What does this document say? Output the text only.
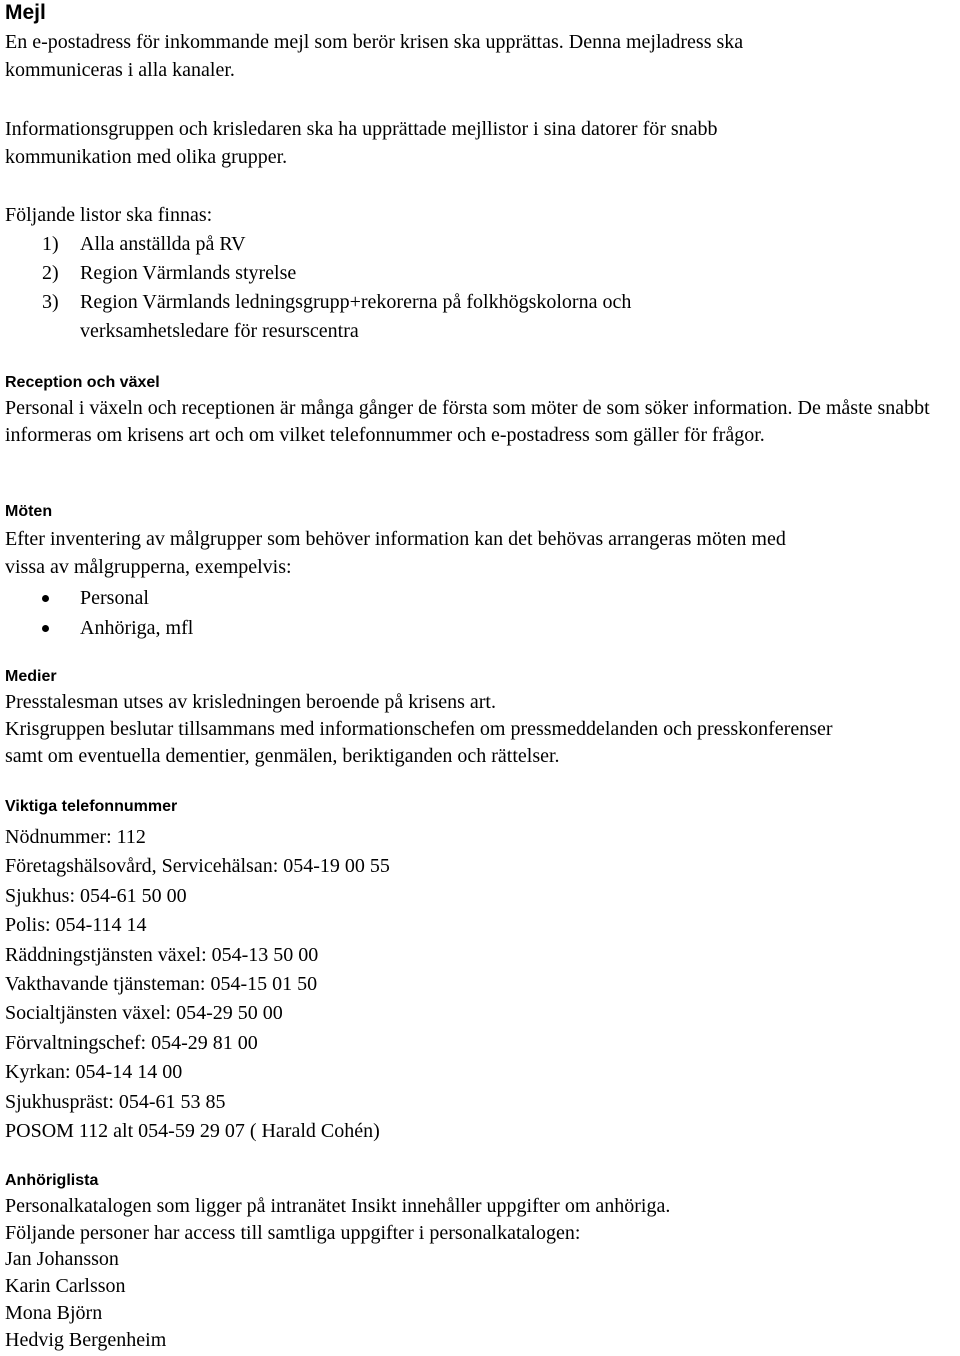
Mejl

En e-postadress för inkommande mejl som berör krisen ska upprättas. Denna mejladress ska kommuniceras i alla kanaler.

Informationsgruppen och krisledaren ska ha upprättade mejllistor i sina datorer för snabb kommunikation med olika grupper.

Följande listor ska finnas:

1)	Alla anställda på RV
2)	Region Värmlands styrelse
3)	Region Värmlands ledningsgrupp+rekorerna på folkhögskolorna och verksamhetsledare för resurscentra
Reception och växel

Personal i växeln och receptionen är många gånger de första som möter de som söker information. De måste snabbt informeras om krisens art och om vilket telefonnummer och e-postadress som gäller för frågor.

Möten

Efter inventering av målgrupper som behöver information kan det behövas arrangeras möten med vissa av målgrupperna, exempelvis:

Personal
Anhöriga, mfl
Medier

Presstalesman utses av krisledningen beroende på krisens art.

Krisgruppen beslutar tillsammans med informationschefen om pressmeddelanden och presskonferenser samt om eventuella dementier, genmälen, beriktiganden och rättelser.

Viktiga telefonnummer
Nödnummer: 112
Företagshälsovård, Servicehälsan: 054-19 00 55
Sjukhus: 054-61 50 00
Polis: 054-114 14
Räddningstjänsten växel: 054-13 50 00
Vakthavande tjänsteman: 054-15 01 50
Socialtjänsten växel: 054-29 50 00
Förvaltningschef: 054-29 81 00
Kyrkan: 054-14 14 00
Sjukhuspräst: 054-61 53 85
POSOM 112 alt 054-59 29 07 ( Harald Cohén)
Anhöriglista

Personalkatalogen som ligger på intranätet Insikt innehåller uppgifter om anhöriga.

Följande personer har access till samtliga uppgifter i personalkatalogen:

Jan Johansson
Karin Carlsson
Mona Björn
Hedvig Bergenheim
